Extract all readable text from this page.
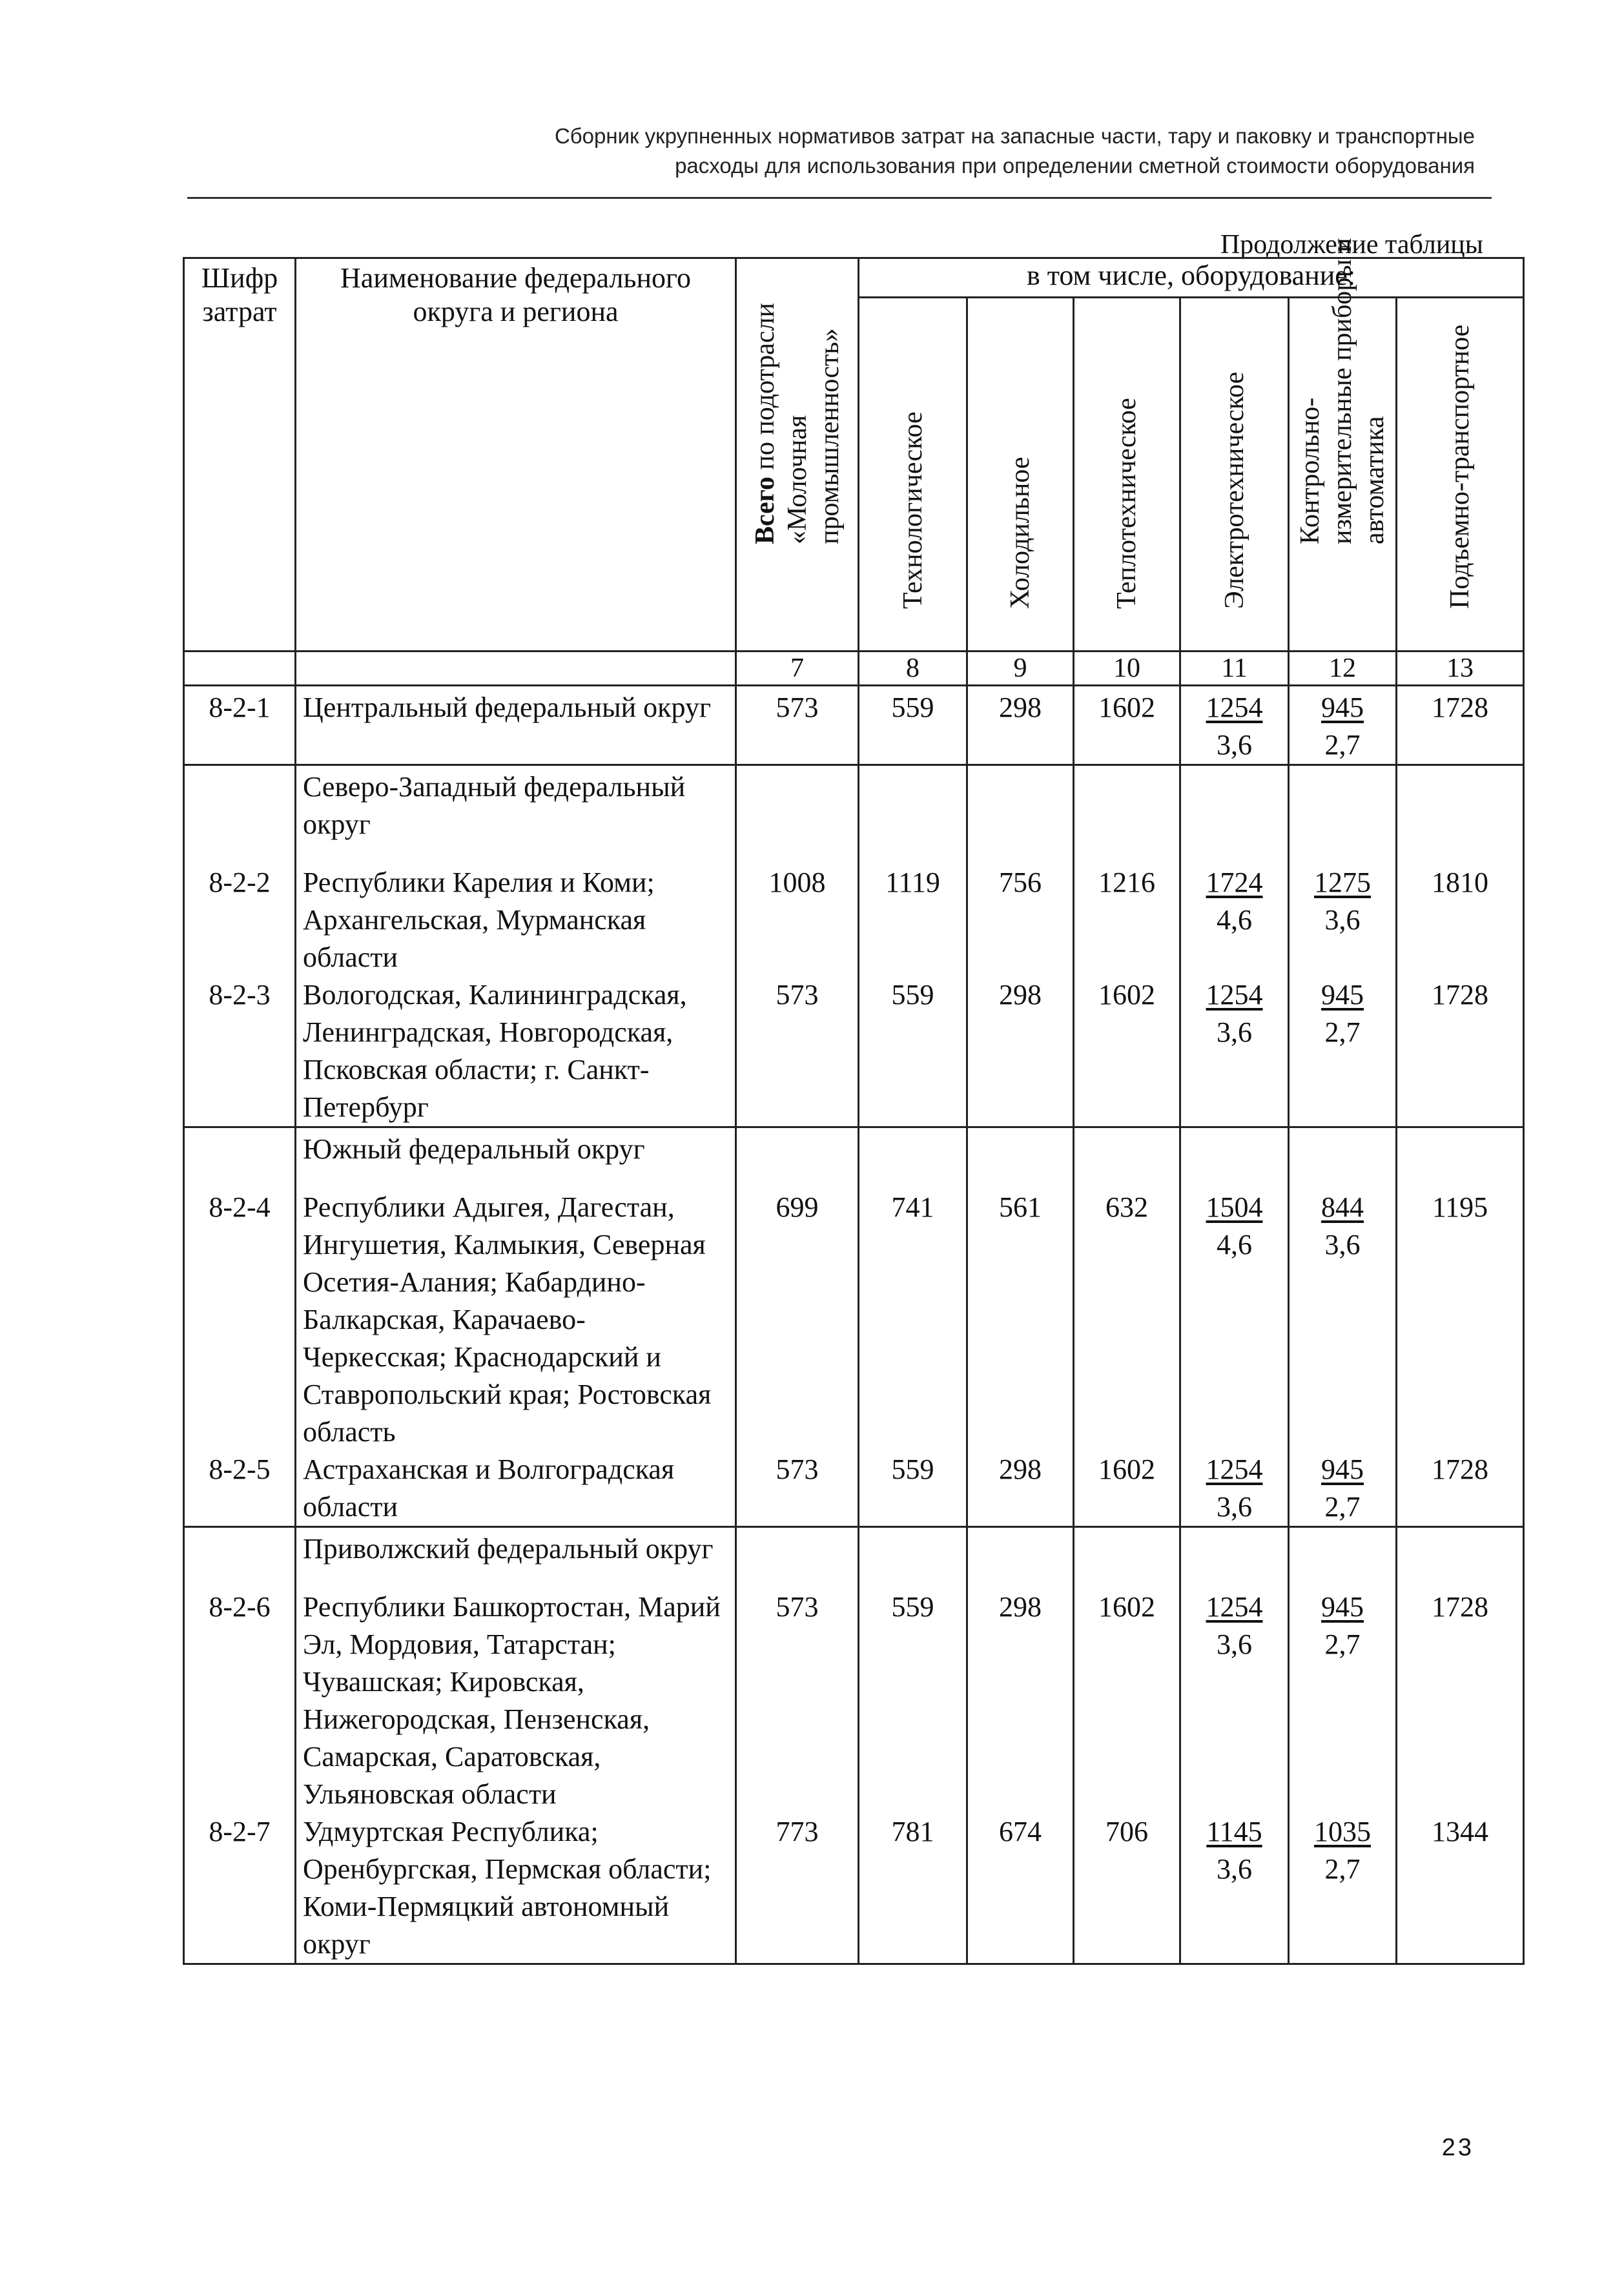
Сборник укрупненных нормативов затрат на запасные части, тару и паковку и транспортные
расходы для использования при определении сметной стоимости оборудования
Продолжение таблицы
Шифр затрат	Наименование федерального округа и региона	Всего по подотрасли
«Молочная
промышленность»	в том числе, оборудование:					

			Технологическое	Холодильное	Теплотехническое	Электротехническое	Контрольно-
измерительные приборы и
автоматика	Подъемно-транспортное

		7	8	9	10	11	12	13
8-2-1	Центральный федеральный округ	573	559	298	1602	$\frac{1254}{3,6}$	$\frac{945}{2,7}$	1728
	Северо-Западный федеральный округ							
8-2-2	Республики Карелия и Коми; Архангельская, Мурманская области	1008	1119	756	1216	$\frac{1724}{4,6}$	$\frac{1275}{3,6}$	1810
8-2-3	Вологодская, Калининградская, Ленинградская, Новгородская, Псковская области; г. Санкт-Петербург	573	559	298	1602	$\frac{1254}{3,6}$	$\frac{945}{2,7}$	1728
	Южный федеральный округ							
8-2-4	Республики Адыгея, Дагестан, Ингушетия, Калмыкия, Северная Осетия-Алания; Кабардино-Балкарская, Карачаево-Черкесская; Краснодарский и Ставропольский края; Ростовская область	699	741	561	632	$\frac{1504}{4,6}$	$\frac{844}{3,6}$	1195
8-2-5	Астраханская и Волгоградская области	573	559	298	1602	$\frac{1254}{3,6}$	$\frac{945}{2,7}$	1728
	Приволжский федеральный округ							
8-2-6	Республики Башкортостан, Марий Эл, Мордовия, Татарстан; Чувашская; Кировская, Нижегородская, Пензенская, Самарская, Саратовская, Ульяновская области	573	559	298	1602	$\frac{1254}{3,6}$	$\frac{945}{2,7}$	1728
8-2-7	Удмуртская Республика; Оренбургская, Пермская области; Коми-Пермяцкий автономный округ	773	781	674	706	$\frac{1145}{3,6}$	$\frac{1035}{2,7}$	1344
23
